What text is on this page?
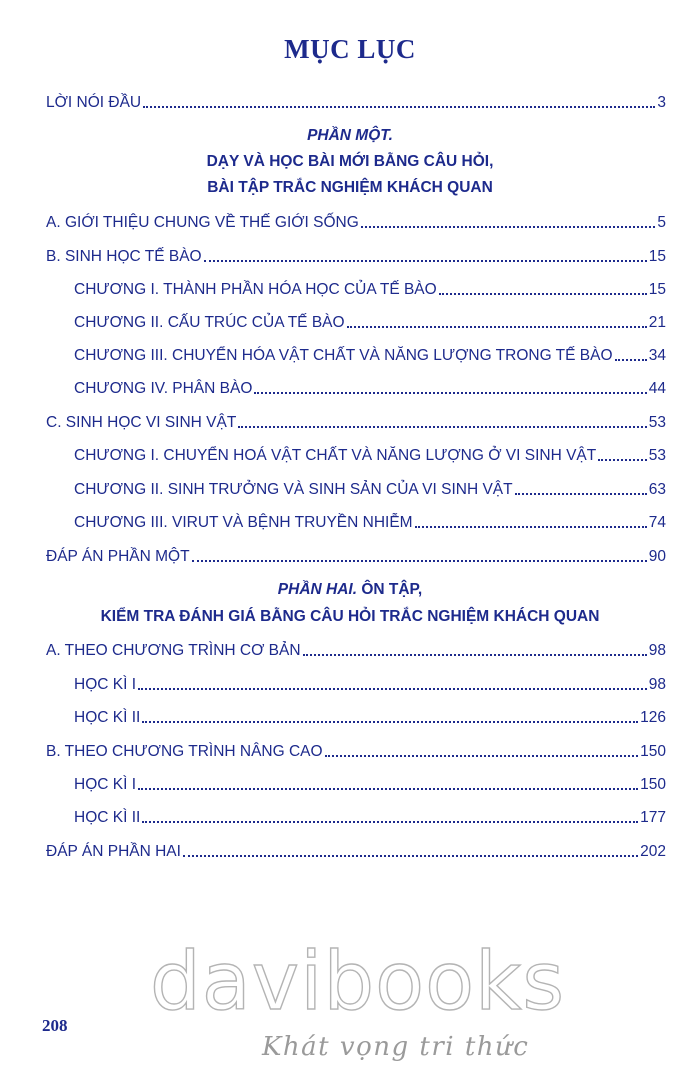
MỤC LỤC
LỜI NÓI ĐẦU	3
PHẦN MỘT.
DẠY VÀ HỌC BÀI MỚI BẰNG CÂU HỎI,
BÀI TẬP TRẮC NGHIỆM KHÁCH QUAN
A. GIỚI THIỆU CHUNG VỀ THẾ GIỚI SỐNG	5
B. SINH HỌC TẾ BÀO	15
CHƯƠNG I. THÀNH PHẦN HÓA HỌC CỦA TẾ BÀO	15
CHƯƠNG II. CẤU TRÚC CỦA TẾ BÀO	21
CHƯƠNG III. CHUYỂN HÓA VẬT CHẤT VÀ NĂNG LƯỢNG TRONG TẾ BÀO 34
CHƯƠNG IV. PHÂN BÀO	44
C. SINH HỌC VI SINH VẬT	53
CHƯƠNG I. CHUYỂN HOÁ VẬT CHẤT VÀ NĂNG LƯỢNG Ở VI SINH VẬT	53
CHƯƠNG II. SINH TRƯỞNG VÀ SINH SẢN CỦA VI SINH VẬT	63
CHƯƠNG III. VIRUT VÀ BỆNH TRUYỀN NHIỄM	74
ĐÁP ÁN PHẦN MỘT	90
PHẦN HAI. ÔN TẬP,
KIỂM TRA ĐÁNH GIÁ BẰNG CÂU HỎI TRẮC NGHIỆM KHÁCH QUAN
A. THEO CHƯƠNG TRÌNH CƠ BẢN	98
HỌC KÌ I	98
HỌC KÌ II	126
B. THEO CHƯƠNG TRÌNH NÂNG CAO	150
HỌC KÌ I	150
HỌC KÌ II	177
ĐÁP ÁN PHẦN HAI	202
208 davibooks
Khát vọng tri thức
